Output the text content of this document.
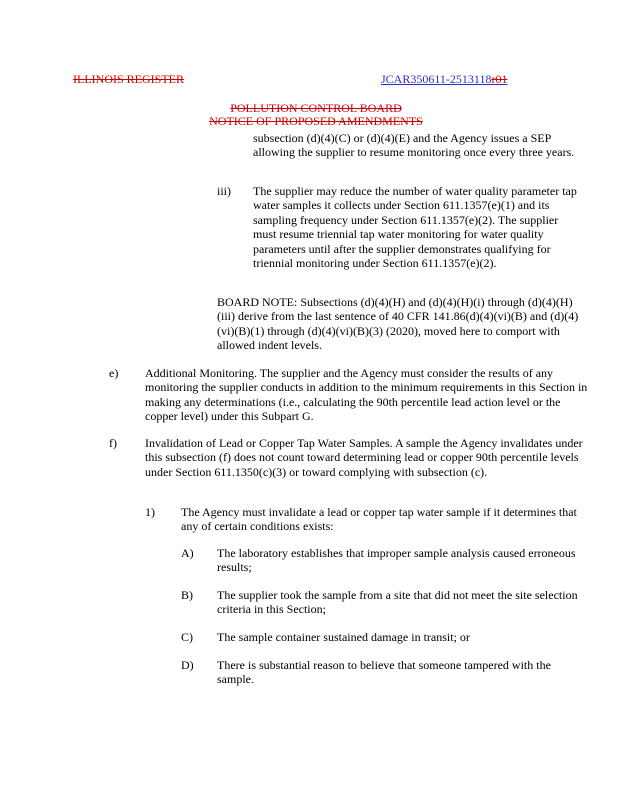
ILLINOIS REGISTER	JCAR350611-2513118r01
POLLUTION CONTROL BOARD
NOTICE OF PROPOSED AMENDMENTS
subsection (d)(4)(C) or (d)(4)(E) and the Agency issues a SEP allowing the supplier to resume monitoring once every three years.
iii) The supplier may reduce the number of water quality parameter tap water samples it collects under Section 611.1357(e)(1) and its sampling frequency under Section 611.1357(e)(2). The supplier must resume triennial tap water monitoring for water quality parameters until after the supplier demonstrates qualifying for triennial monitoring under Section 611.1357(e)(2).
BOARD NOTE: Subsections (d)(4)(H) and (d)(4)(H)(i) through (d)(4)(H)(iii) derive from the last sentence of 40 CFR 141.86(d)(4)(vi)(B) and (d)(4)(vi)(B)(1) through (d)(4)(vi)(B)(3) (2020), moved here to comport with allowed indent levels.
e) Additional Monitoring. The supplier and the Agency must consider the results of any monitoring the supplier conducts in addition to the minimum requirements in this Section in making any determinations (i.e., calculating the 90th percentile lead action level or the copper level) under this Subpart G.
f) Invalidation of Lead or Copper Tap Water Samples. A sample the Agency invalidates under this subsection (f) does not count toward determining lead or copper 90th percentile levels under Section 611.1350(c)(3) or toward complying with subsection (c).
1) The Agency must invalidate a lead or copper tap water sample if it determines that any of certain conditions exists:
A) The laboratory establishes that improper sample analysis caused erroneous results;
B) The supplier took the sample from a site that did not meet the site selection criteria in this Section;
C) The sample container sustained damage in transit; or
D) There is substantial reason to believe that someone tampered with the sample.
